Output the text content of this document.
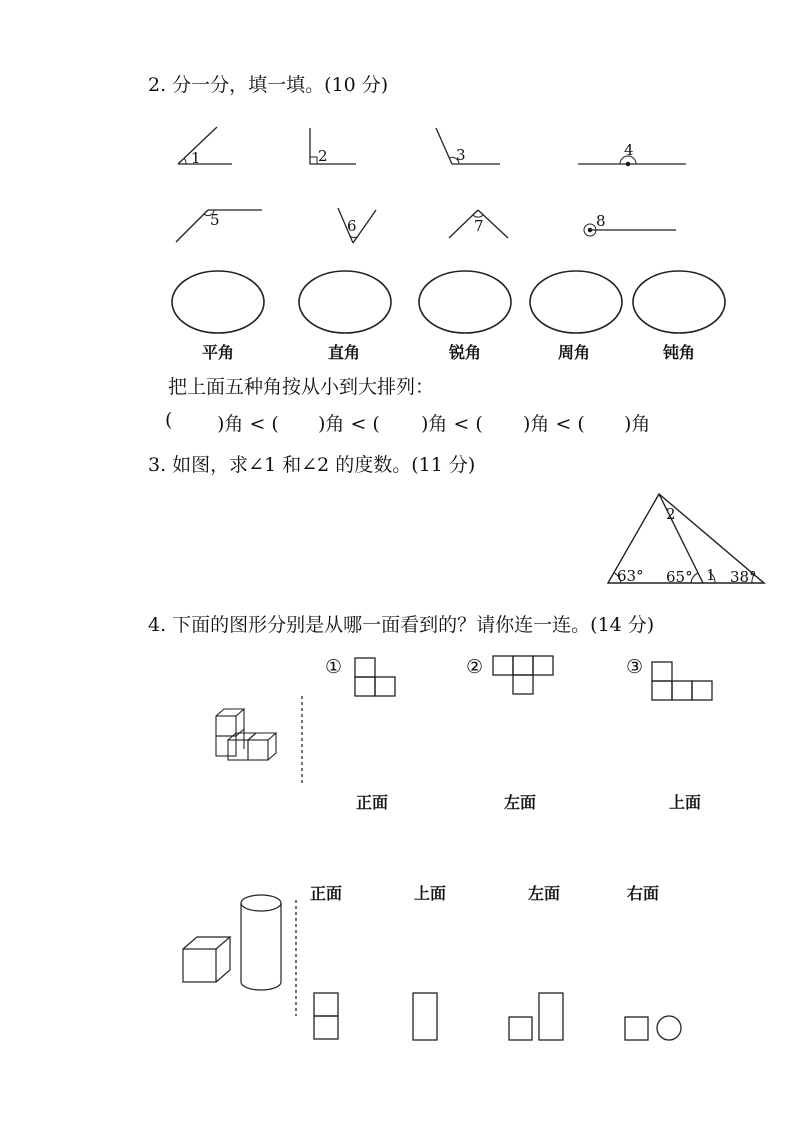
2. 分一分，填一填。(10 分)
1	2	3	4
5	6	7	8
平角	直角	锐角	周角	钝角
把上面五种角按从小到大排列：
( )角 < ( )角 < ( )角 < ( )角 < ( )角
3. 如图，求∠1 和∠2 的度数。(11 分)
2
1
63° 65° 38°
4. 下面的图形分别是从哪一面看到的？请你连一连。(14 分)
①	②	③
正面	左面	上面
正面	上面	左面	右面
